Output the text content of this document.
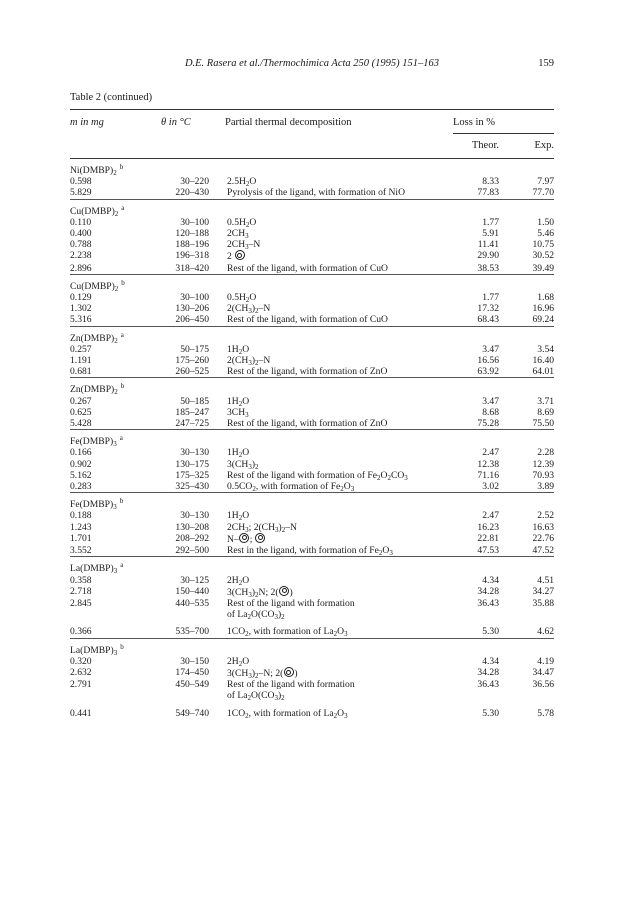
D.E. Rasera et al./Thermochimica Acta 250 (1995) 151–163	159
Table 2 (continued)
m in mg	θ in °C	Partial thermal decomposition	Loss in %
Theor.	Exp.
$Ni(DMBP)_2^b$
0.598	30–220	$2.5H_2O$	8.33	7.97
5.829	220–430	Pyrolysis of the ligand, with formation of NiO	77.83	77.70
$Cu(DMBP)_2^a$
0.110	30–100	$0.5H_2O$	1.77	1.50
0.400	120–188	$2CH_3$	5.91	5.46
0.788	188–196	$2CH_3-N$	11.41	10.75
2.238	196–318	2	29.90	30.52
2.896	318–420	Rest of the ligand, with formation of CuO	38.53	39.49
$Cu(DMBP)_2^b$
0.129	30–100	$0.5H_2O$	1.77	1.68
1.302	130–206	$2(CH_3)_2-N$	17.32	16.96
5.316	206–450	Rest of the ligand, with formation of CuO	68.43	69.24
$Zn(DMBP)_2^a$
0.257	50–175	$1H_2O$	3.47	3.54
1.191	175–260	$2(CH_3)_2-N$	16.56	16.40
0.681	260–525	Rest of the ligand, with formation of ZnO	63.92	64.01
$Zn(DMBP)_2^b$
0.267	50–185	$1H_2O$	3.47	3.71
0.625	185–247	$3CH_3$	8.68	8.69
5.428	247–725	Rest of the ligand, with formation of ZnO	75.28	75.50
$Fe(DMBP)_3^a$
0.166	30–130	$1H_2O$	2.47	2.28
0.902	130–175	$3(CH_3)_2$	12.38	12.39
5.162	175–325	Rest of the ligand with formation of $Fe_2O_2CO_3$	71.16	70.93
0.283	325–430	$0.5CO_2$, with formation of $Fe_2O_3$	3.02	3.89
$Fe(DMBP)_3^b$
0.188	30–130	$1H_2O$	2.47	2.52
1.243	130–208	$2CH_3$; $2(CH_3)_2-N$	16.23	16.63
1.701	208–292	N– ;	22.81	22.76
3.552	292–500	Rest in the ligand, with formation of $Fe_2O_3$	47.53	47.52
$La(DMBP)_3^a$
0.358	30–125	$2H_2O$	4.34	4.51
2.718	150–440	$3(CH_3)_2N$; 2( )	34.28	34.27
2.845	440–535	Rest of the ligand with formation	36.43	35.88
		of $La_2O(CO_3)_2$		
0.366	535–700	$1CO_2$, with formation of $La_2O_3$	5.30	4.62
$La(DMBP)_3^b$
0.320	30–150	$2H_2O$	4.34	4.19
2.632	174–450	$3(CH_3)_2-N$; 2( )	34.28	34.47
2.791	450–549	Rest of the ligand with formation	36.43	36.56
		of $La_2O(CO_3)_2$		
0.441	549–740	$1CO_2$, with formation of $La_2O_3$	5.30	5.78
